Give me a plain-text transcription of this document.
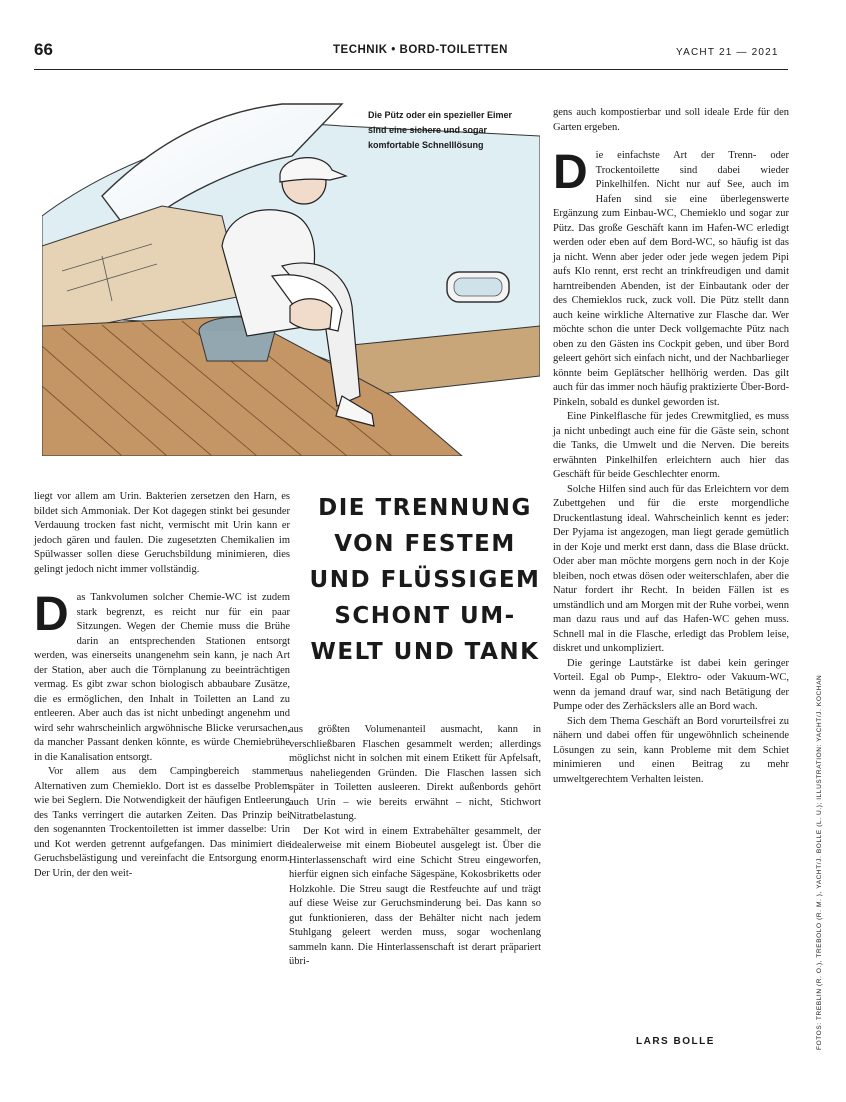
66	TECHNIK • BORD-TOILETTEN	YACHT 21 — 2021
Die Pütz oder ein spezieller Eimer sind eine sichere und sogar komfortable Schnelllösung

liegt vor allem am Urin. Bakterien zersetzen den Harn, es bildet sich Ammoniak. Der Kot dagegen stinkt bei gesunder Verdauung trocken fast nicht, vermischt mit Urin kann er jedoch gären und faulen. Die zugesetzten Chemikalien im Spülwasser sollen diese Geruchsbildung minimieren, dies gelingt jedoch nicht immer vollständig.

Das Tankvolumen solcher Chemie-WC ist zudem stark begrenzt, es reicht nur für ein paar Sitzungen. Wegen der Chemie muss die Brühe darin an entsprechenden Stationen entsorgt werden, was einerseits unangenehm sein kann, je nach Art der Station, aber auch die Törnplanung zu beeinträchtigen vermag. Es gibt zwar schon biologisch abbaubare Zusätze, die es ermöglichen, den Inhalt in Toiletten an Land zu entleeren. Aber auch das ist nicht unbedingt angenehm und wird sehr wahrscheinlich argwöhnische Blicke verursachen, da mancher Passant denken könnte, es würde Chemiebrühe in die Kanalisation entsorgt.

Vor allem aus dem Campingbereich stammen Alternativen zum Chemieklo. Dort ist es dasselbe Problem wie bei Seglern. Die Notwendigkeit der häufigen Entleerung des Tanks verringert die autarken Zeiten. Das Prinzip bei den sogenannten Trockentoiletten ist immer dasselbe: Urin und Kot werden getrennt aufgefangen. Das minimiert die Geruchsbelästigung und vereinfacht die Entsorgung enorm. Der Urin, der den weit-

DIE TRENNUNG VON FESTEM UND FLÜSSIGEM SCHONT UM-WELT UND TANK

aus größten Volumenanteil ausmacht, kann in verschließbaren Flaschen gesammelt werden; allerdings möglichst nicht in solchen mit einem Etikett für Apfelsaft, aus naheliegenden Gründen. Die Flaschen lassen sich später in Toiletten ausleeren. Direkt außenbords gehört auch Urin – wie bereits erwähnt – nicht, Stichwort Nitratbelastung.

Der Kot wird in einem Extrabehälter gesammelt, der idealerweise mit einem Biobeutel ausgelegt ist. Über die Hinterlassenschaft wird eine Schicht Streu eingeworfen, hierfür eignen sich einfache Sägespäne, Kokosbriketts oder Holzkohle. Die Streu saugt die Restfeuchte auf und trägt auf diese Weise zur Geruchsminderung bei. Das kann so gut funktionieren, dass der Behälter nicht nach jedem Stuhlgang geleert werden muss, sogar wochenlang sammeln kann. Die Hinterlassenschaft ist derart präpariert übri-

gens auch kompostierbar und soll ideale Erde für den Garten ergeben.

Die einfachste Art der Trenn- oder Trockentoilette sind dabei wieder Pinkelhilfen. Nicht nur auf See, auch im Hafen sind sie eine überlegenswerte Ergänzung zum Einbau-WC, Chemieklo und sogar zur Pütz. Das große Geschäft kann im Hafen-WC erledigt werden oder eben auf dem Bord-WC, so häufig ist das ja nicht. Wenn aber jeder oder jede wegen jedem Pipi aufs Klo rennt, erst recht an trinkfreudigen und damit harntreibenden Abenden, ist der Einbautank oder der des Chemieklos ruck, zuck voll. Die Pütz stellt dann auch keine wirkliche Alternative zur Flasche dar. Wer möchte schon die unter Deck vollgemachte Pütz nach oben zu den Gästen ins Cockpit geben, und über Bord geleert gehört sich einfach nicht, und der Nachbarlieger könnte beim Geplätscher hellhörig werden. Das gilt auch für das immer noch häufig praktizierte Über-Bord-Pinkeln, sobald es dunkel geworden ist.

Eine Pinkelflasche für jedes Crewmitglied, es muss ja nicht unbedingt auch eine für die Gäste sein, schont die Tanks, die Umwelt und die Nerven. Die bereits erwähnten Pinkelhilfen erleichtern auch hier das Geschäft für beide Geschlechter enorm.

Solche Hilfen sind auch für das Erleichtern vor dem Zubettgehen und für die erste morgendliche Druckentlastung ideal. Wahrscheinlich kennt es jeder: Der Pyjama ist angezogen, man liegt gerade gemütlich in der Koje und merkt erst dann, dass die Blase drückt. Oder aber man möchte morgens gern noch in der Koje bleiben, noch etwas dösen oder weiterschlafen, aber die Natur fordert ihr Recht. In beiden Fällen ist es umständlich und am Morgen mit der Ruhe vorbei, wenn man dazu raus und auf das Hafen-WC gehen muss. Schnell mal in die Flasche, erledigt das Problem leise, diskret und unkompliziert.

Die geringe Lautstärke ist dabei kein geringer Vorteil. Egal ob Pump-, Elektro- oder Vakuum-WC, wenn da jemand drauf war, sind nach Betätigung der Pumpe oder des Zerhäckslers alle an Bord wach.

Sich dem Thema Geschäft an Bord vorurteilsfrei zu nähern und dabei offen für ungewöhnlich scheinende Lösungen zu sein, kann Probleme mit dem Schiet minimieren und einen Beitrag zu mehr umweltgerechtem Verhalten leisten.

LARS BOLLE	FOTOS: TREBLIN (R. O.), TREBOLO (R. M. ), YACHT/J. BOLLE (L. U.); ILLUSTRATION: YACHT/J. KOCHAN
